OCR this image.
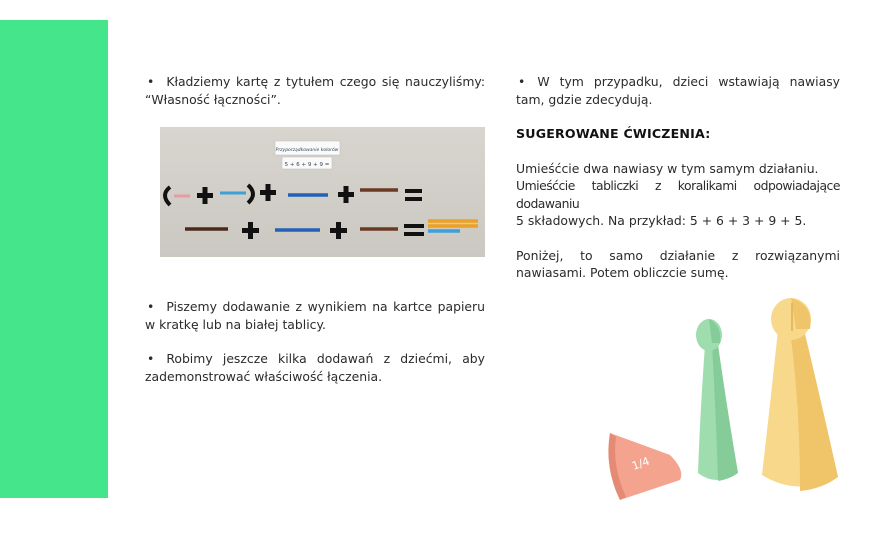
• Kładziemy kartę z tytułem czego się nauczyliśmy: “Własność łączności”.

• Piszemy dodawanie z wynikiem na kartce papieru w kratkę lub na białej tablicy.

• Robimy jeszcze kilka dodawań z dziećmi, aby zademonstrować właściwość łączenia.

Przyporządkowanie kolorów
5 + 6 + 9 + 9 =

• W tym przypadku, dzieci wstawiają nawiasy tam, gdzie zdecydują.

SUGEROWANE ĆWICZENIA:

Umieśćcie dwa nawiasy w tym samym działaniu.
Umieśćcie tabliczki z koralikami odpowiadające dodawaniu
5 składowych. Na przykład: 5 + 6 + 3 + 9 + 5.

Poniżej, to samo działanie z rozwiązanymi nawiasami. Potem obliczcie sumę.

1/4
